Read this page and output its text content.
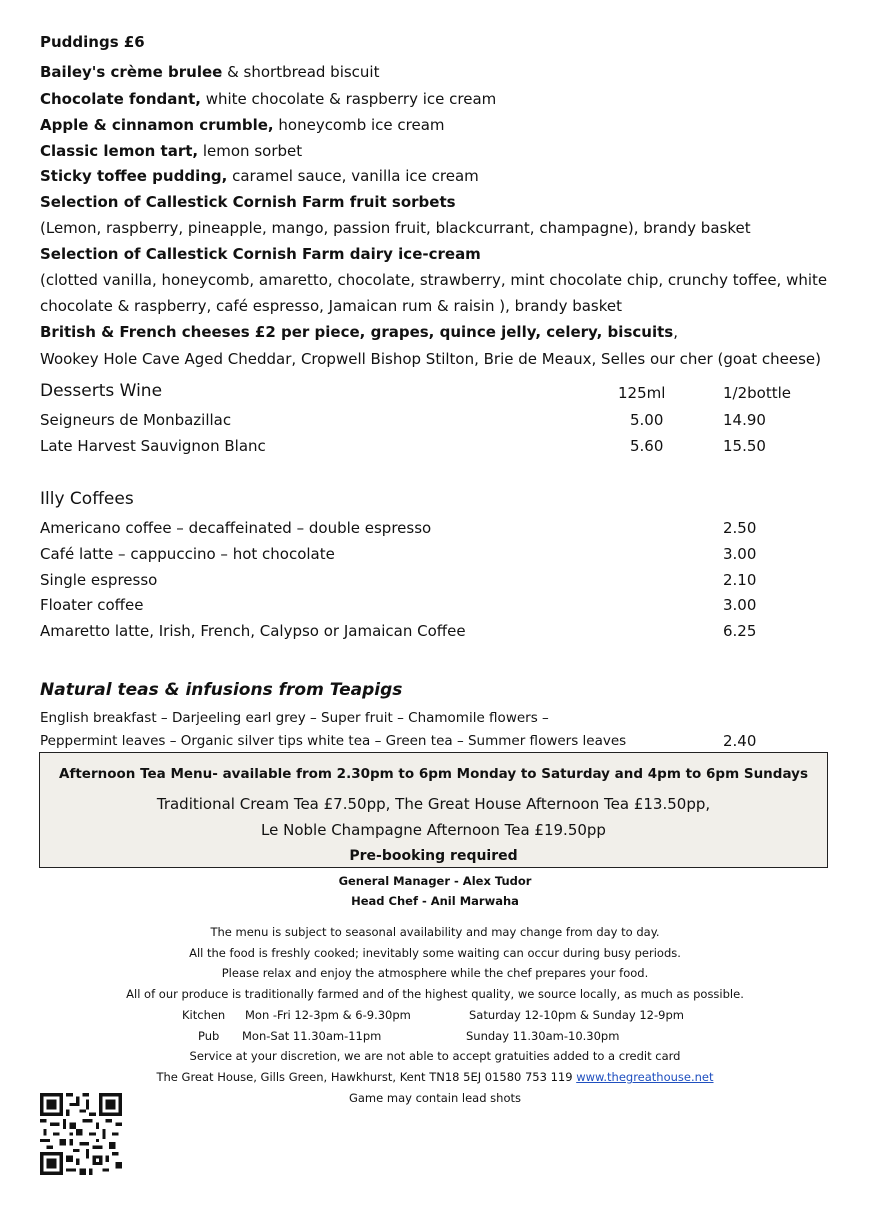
Puddings £6
Bailey's crème brulee & shortbread biscuit
Chocolate fondant, white chocolate & raspberry ice cream
Apple & cinnamon crumble, honeycomb ice cream
Classic lemon tart, lemon sorbet
Sticky toffee pudding, caramel sauce, vanilla ice cream
Selection of Callestick Cornish Farm fruit sorbets
(Lemon, raspberry, pineapple, mango, passion fruit, blackcurrant, champagne), brandy basket
Selection of Callestick Cornish Farm dairy ice-cream
(clotted vanilla, honeycomb, amaretto, chocolate, strawberry, mint chocolate chip, crunchy toffee, white
chocolate & raspberry, café espresso, Jamaican rum & raisin ), brandy basket
British & French cheeses £2 per piece, grapes, quince jelly, celery, biscuits,
Wookey Hole Cave Aged Cheddar, Cropwell Bishop Stilton, Brie de Meaux, Selles our cher (goat cheese)
Desserts Wine	125ml	1/2bottle
Seigneurs de Monbazillac	5.00	14.90
Late Harvest Sauvignon Blanc	5.60	15.50
Illy Coffees
Americano coffee – decaffeinated – double espresso	2.50
Café latte – cappuccino – hot chocolate	3.00
Single espresso	2.10
Floater coffee	3.00
Amaretto latte, Irish, French, Calypso or Jamaican Coffee	6.25
Natural teas & infusions from Teapigs
English breakfast – Darjeeling earl grey – Super fruit – Chamomile flowers –
Peppermint leaves – Organic silver tips white tea – Green tea – Summer flowers leaves	2.40
Afternoon Tea Menu- available from 2.30pm to 6pm Monday to Saturday and 4pm to 6pm Sundays
Traditional Cream Tea £7.50pp, The Great House Afternoon Tea £13.50pp,
Le Noble Champagne Afternoon Tea £19.50pp
Pre-booking required
General Manager - Alex Tudor
Head Chef - Anil Marwaha
The menu is subject to seasonal availability and may change from day to day.
All the food is freshly cooked; inevitably some waiting can occur during busy periods.
Please relax and enjoy the atmosphere while the chef prepares your food.
All of our produce is traditionally farmed and of the highest quality, we source locally, as much as possible.
Kitchen Mon -Fri 12-3pm & 6-9.30pm	Saturday 12-10pm & Sunday 12-9pm
Pub Mon-Sat 11.30am-11pm	Sunday 11.30am-10.30pm
Service at your discretion, we are not able to accept gratuities added to a credit card
The Great House, Gills Green, Hawkhurst, Kent TN18 5EJ 01580 753 119 www.thegreathouse.net
Game may contain lead shots
